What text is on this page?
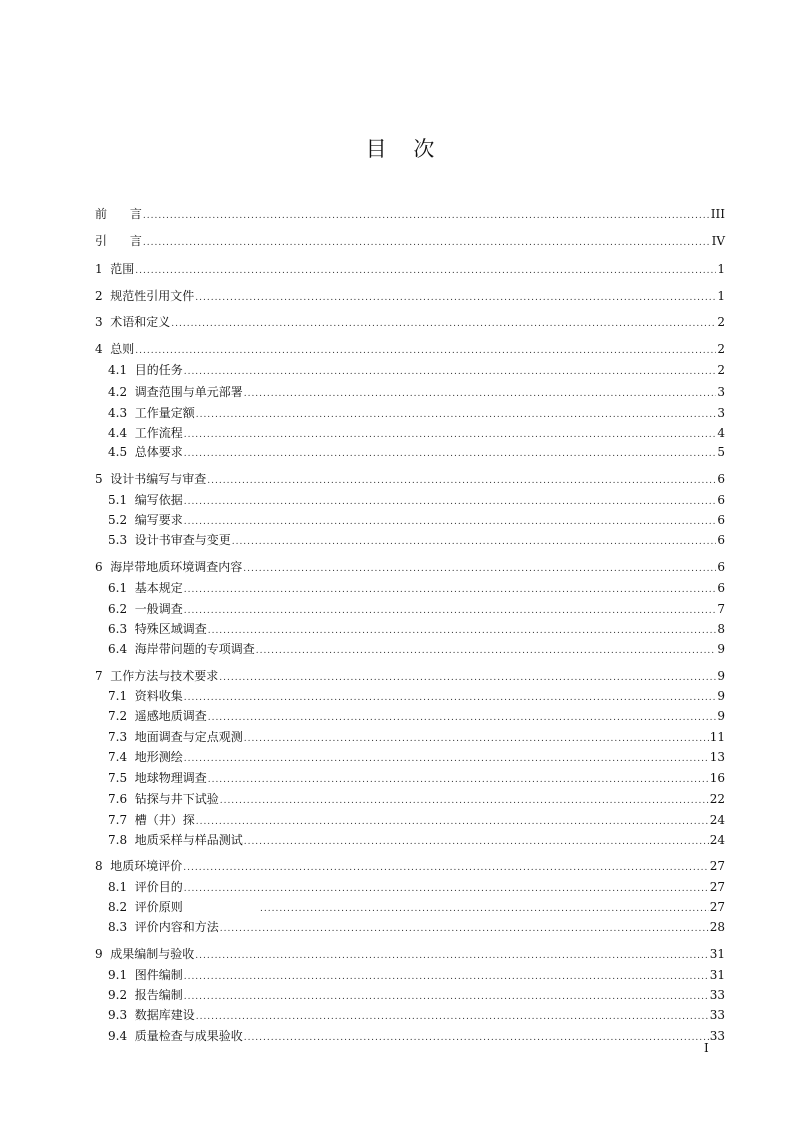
目    次
前      言 .....	III
引      言 .....	IV
1  范围 .....	1
2  规范性引用文件 .....	1
3  术语和定义 .....	2
4  总则 .....	2
4.1  目的任务 .....	2
4.2  调查范围与单元部署 .....	3
4.3  工作量定额 .....	3
4.4  工作流程 .....	4
4.5  总体要求 .....	5
5  设计书编写与审查 .....	6
5.1  编写依据 .....	6
5.2  编写要求 .....	6
5.3  设计书审查与变更 .....	6
6  海岸带地质环境调查内容 .....	6
6.1  基本规定 .....	6
6.2  一般调查 .....	7
6.3  特殊区域调查 .....	8
6.4  海岸带问题的专项调查 .....	9
7  工作方法与技术要求 .....	9
7.1  资料收集 .....	9
7.2  遥感地质调查 .....	9
7.3  地面调查与定点观测 .....	11
7.4  地形测绘 .....	13
7.5  地球物理调查 .....	16
7.6  钻探与井下试验 .....	22
7.7  槽（井）探 .....	24
7.8  地质采样与样品测试 .....	24
8  地质环境评价 .....	27
8.1  评价目的 .....	27
8.2  评价原则 .....	27
8.3  评价内容和方法 .....	28
9  成果编制与验收 .....	31
9.1  图件编制 .....	31
9.2  报告编制 .....	33
9.3  数据库建设 .....	33
9.4  质量检查与成果验收 .....	33
I
